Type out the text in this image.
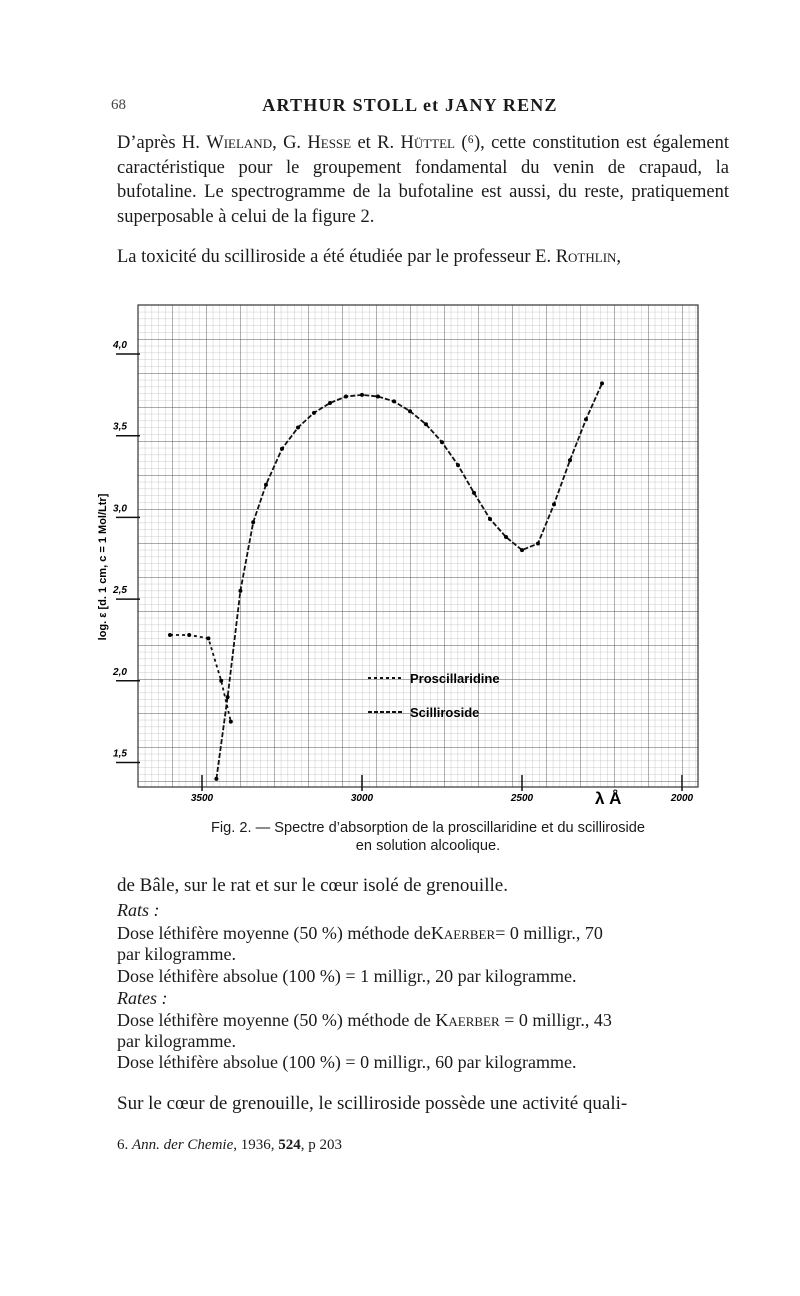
68	ARTHUR STOLL et JANY RENZ
D’après H. Wieland, G. Hesse et R. Hüttel (⁶), cette constitution est également caractéristique pour le groupement fondamental du venin de crapaud, la bufotaline. Le spectrogramme de la bufotaline est aussi, du reste, pratiquement superposable à celui de la figure 2.
La toxicité du scilliroside a été étudiée par le professeur E. Rothlin,
3500	3000	2500	2000
1,5
2,0
2,5
3,0
3,5
4,0
λ Å
log. ε [d. 1 cm, c = 1 Mol/Ltr]
Proscillaridine
Scilliroside
Fig. 2. — Spectre d’absorption de la proscillaridine et du scilliroside
en solution alcoolique.
de Bâle, sur le rat et sur le cœur isolé de grenouille.
Rats :
Dose léthifère moyenne (50 %) méthode de Kaerber = 0 milligr., 70
par kilogramme.
Dose léthifère absolue (100 %) = 1 milligr., 20 par kilogramme.
Rates :
Dose léthifère moyenne (50 %) méthode de Kaerber = 0 milligr., 43
par kilogramme.
Dose léthifère absolue (100 %) = 0 milligr., 60 par kilogramme.
Sur le cœur de grenouille, le scilliroside possède une activité quali-
6. Ann. der Chemie, 1936, 524, p 203
